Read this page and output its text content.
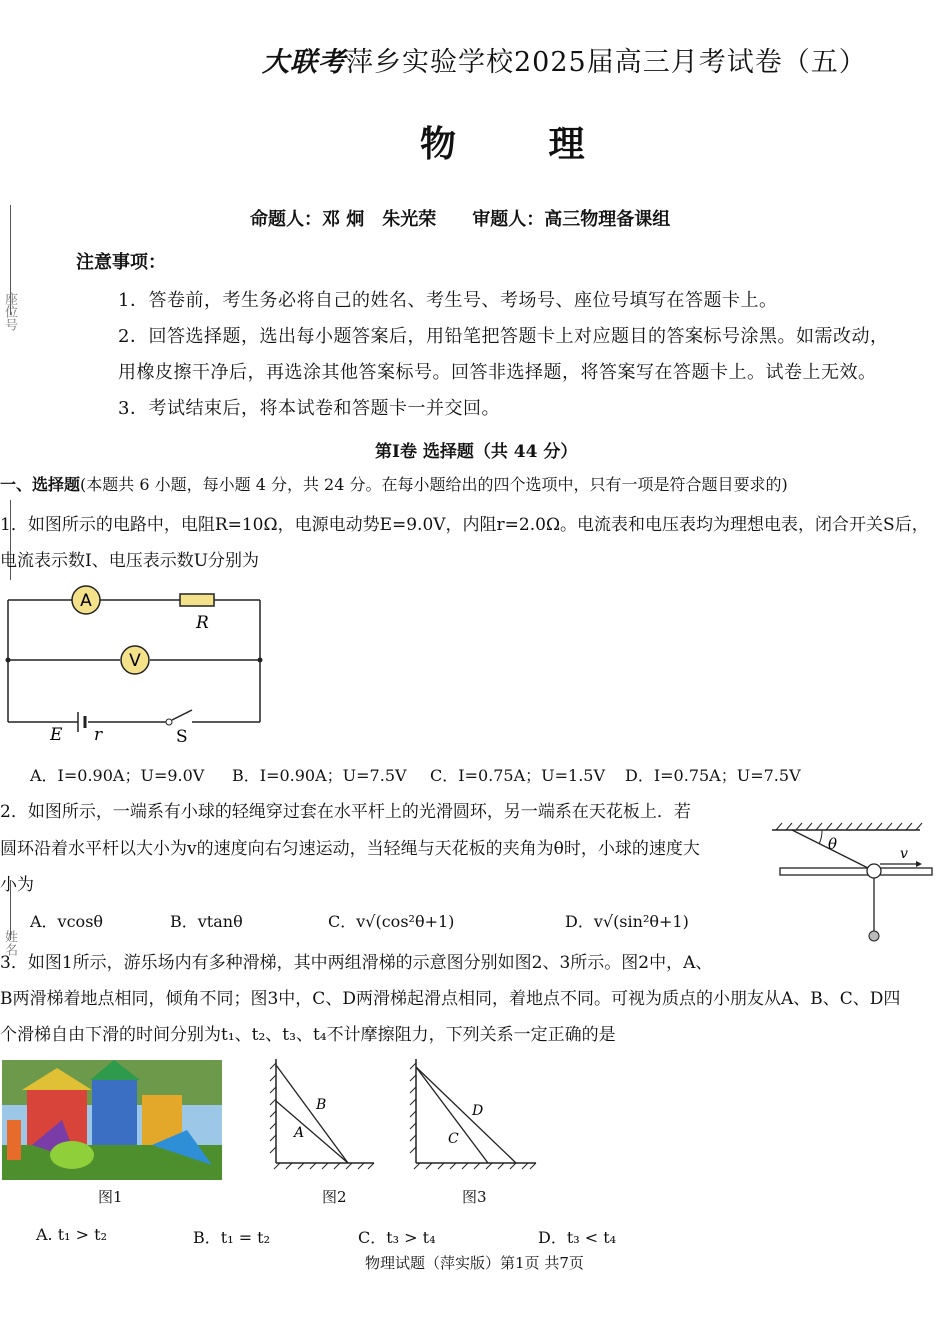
座位号
姓名
大联考萍乡实验学校2025届高三月考试卷（五）
物 理
命题人：邓 炯　朱光荣　　审题人：高三物理备课组
注意事项：
1．答卷前，考生务必将自己的姓名、考生号、考场号、座位号填写在答题卡上。
2．回答选择题，选出每小题答案后，用铅笔把答题卡上对应题目的答案标号涂黑。如需改动，
用橡皮擦干净后，再选涂其他答案标号。回答非选择题，将答案写在答题卡上。试卷上无效。
3．考试结束后，将本试卷和答题卡一并交回。
第Ⅰ卷 选择题（共 44 分）
一、选择题(本题共 6 小题，每小题 4 分，共 24 分。在每小题给出的四个选项中，只有一项是符合题目要求的)
1．如图所示的电路中，电阻R=10Ω，电源电动势E=9.0V，内阻r=2.0Ω。电流表和电压表均为理想电表，闭合开关S后，
电流表示数I、电压表示数U分别为
A
V
R
E r	S
A．I=0.90A；U=9.0V B．I=0.90A；U=7.5V C．I=0.75A；U=1.5V D．I=0.75A；U=7.5V
2．如图所示，一端系有小球的轻绳穿过套在水平杆上的光滑圆环，另一端系在天花板上．若
圆环沿着水平杆以大小为v的速度向右匀速运动，当轻绳与天花板的夹角为θ时，小球的速度大
小为
θ
v
A．vcosθ	B．vtanθ	C．v√(cos²θ+1)	D．v√(sin²θ+1)
3．如图1所示，游乐场内有多种滑梯，其中两组滑梯的示意图分别如图2、3所示。图2中，A、
B两滑梯着地点相同，倾角不同；图3中，C、D两滑梯起滑点相同，着地点不同。可视为质点的小朋友从A、B、C、D四
个滑梯自由下滑的时间分别为t₁、t₂、t₃、t₄不计摩擦阻力，下列关系一定正确的是
B
A
D
C
图1	图2	图3
A. t₁ > t₂	B．t₁ = t₂	C．t₃ > t₄	D．t₃ < t₄
物理试题（萍实版）第1页 共7页
